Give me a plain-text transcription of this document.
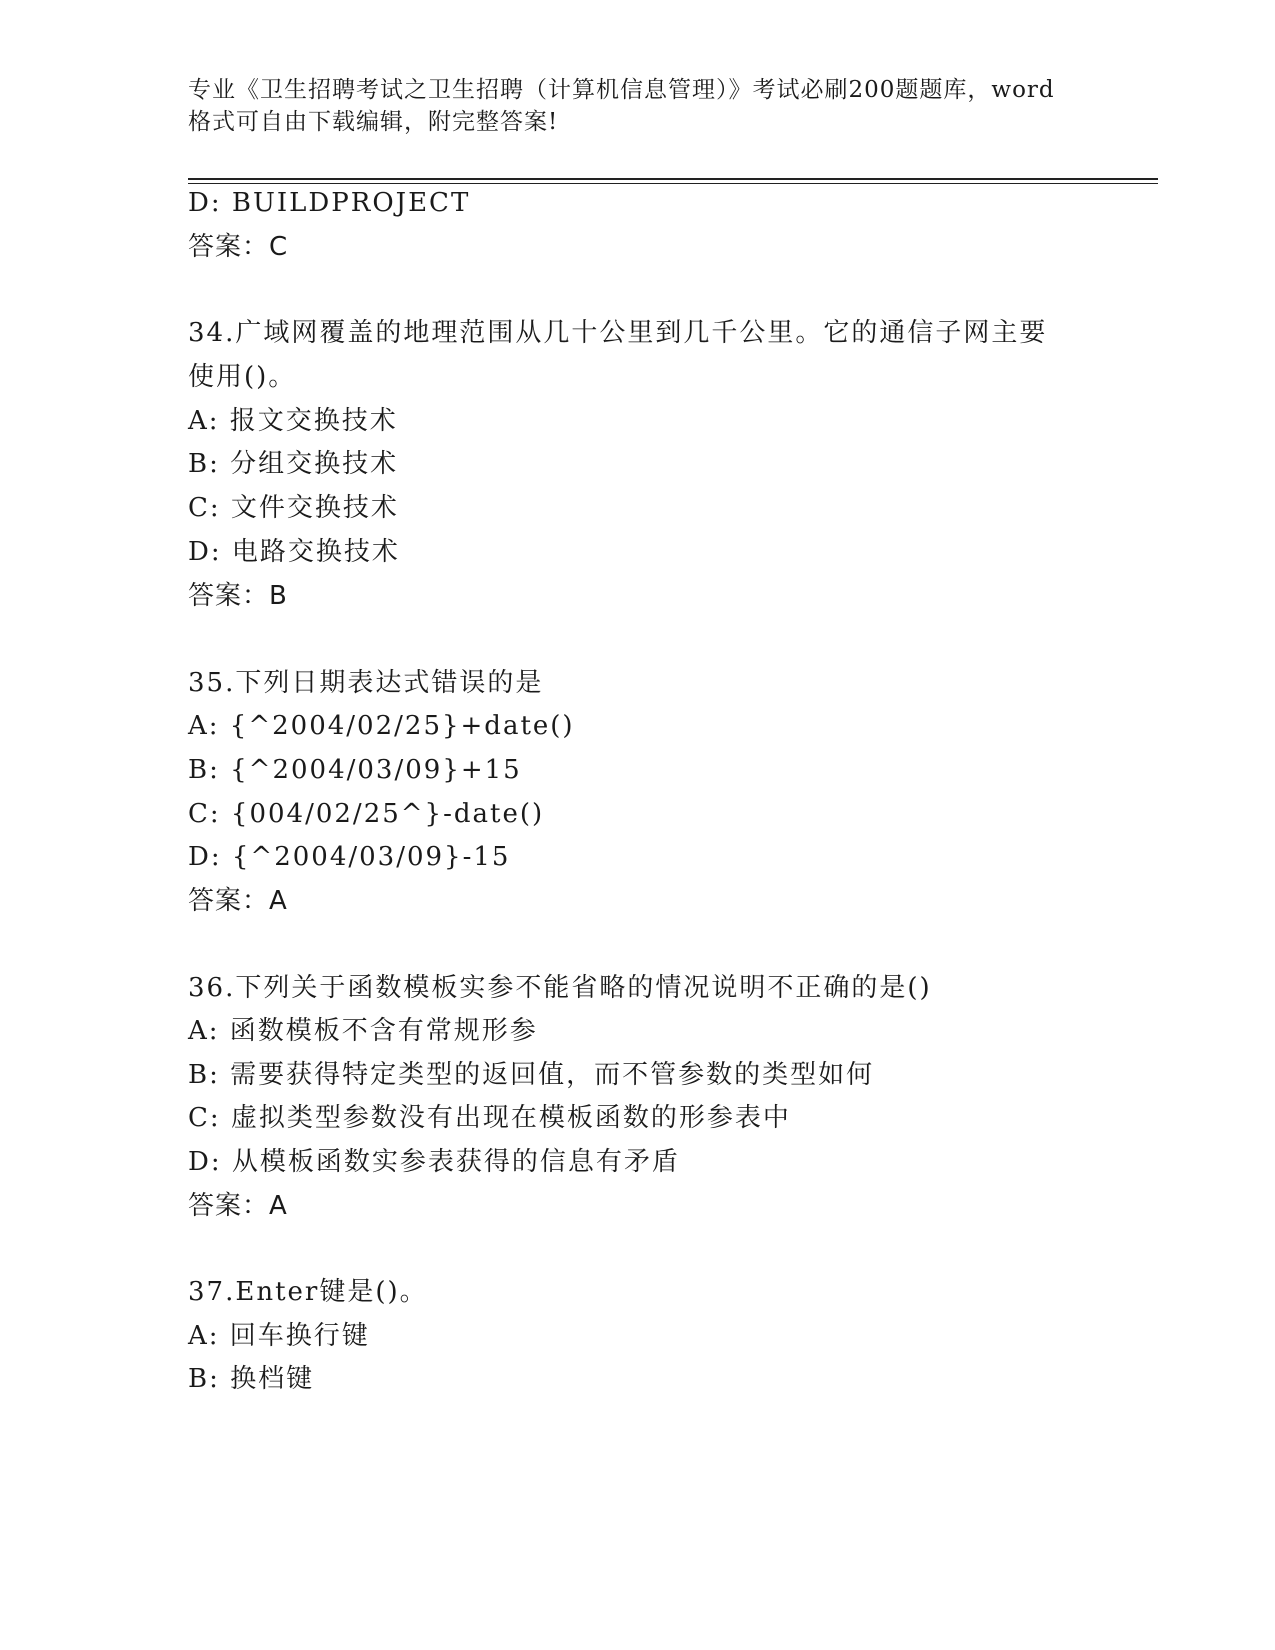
专业《卫生招聘考试之卫生招聘（计算机信息管理）》考试必刷200题题库，word
格式可自由下载编辑，附完整答案!
D: BUILDPROJECT
答案：C
34.广域网覆盖的地理范围从几十公里到几千公里。它的通信子网主要
使用()。
A: 报文交换技术
B: 分组交换技术
C: 文件交换技术
D: 电路交换技术
答案：B
35.下列日期表达式错误的是
A: {^2004/02/25}+date()
B: {^2004/03/09}+15
C: {004/02/25^}-date()
D: {^2004/03/09}-15
答案：A
36.下列关于函数模板实参不能省略的情况说明不正确的是()
A: 函数模板不含有常规形参
B: 需要获得特定类型的返回值，而不管参数的类型如何
C: 虚拟类型参数没有出现在模板函数的形参表中
D: 从模板函数实参表获得的信息有矛盾
答案：A
37.Enter键是()。
A: 回车换行键
B: 换档键
